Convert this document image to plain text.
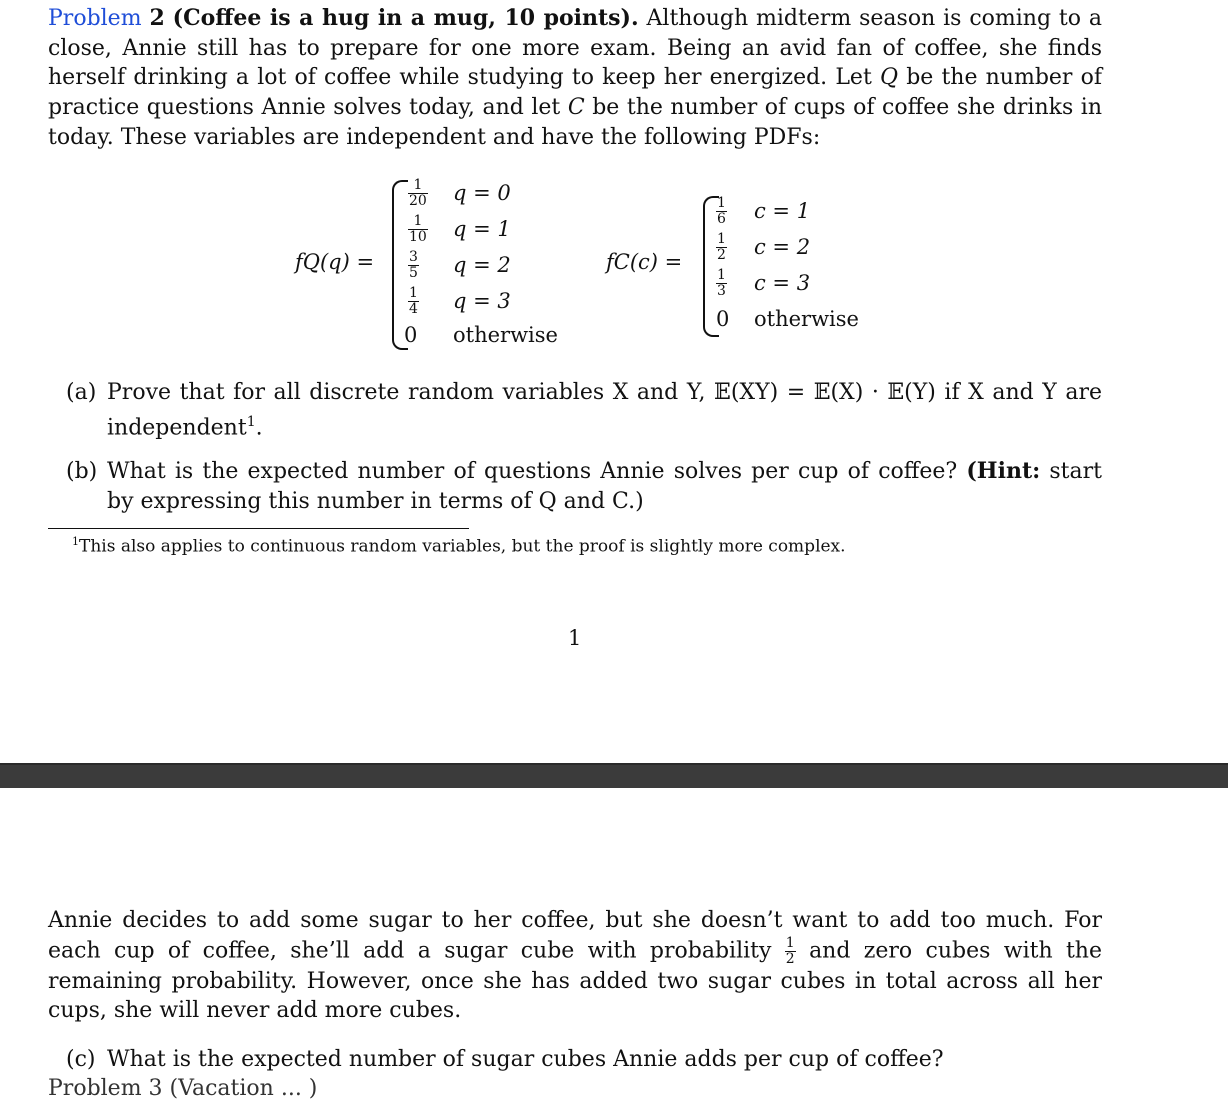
Problem 2 (Coffee is a hug in a mug, 10 points). Although midterm season is coming to a close, Annie still has to prepare for one more exam. Being an avid fan of coffee, she finds herself drinking a lot of coffee while studying to keep her energized. Let Q be the number of practice questions Annie solves today, and let C be the number of cups of coffee she drinks in today. These variables are independent and have the following PDFs:
fQ(q) =
$\frac{1}{20}$ q = 0
$\frac{1}{10}$ q = 1
$\frac{3}{5}$ q = 2
$\frac{1}{4}$ q = 3
0 otherwise
fC(c) =
$\frac{1}{6}$ c = 1
$\frac{1}{2}$ c = 2
$\frac{1}{3}$ c = 3
0 otherwise
(a) Prove that for all discrete random variables X and Y, 𝔼(XY) = 𝔼(X) · 𝔼(Y) if X and Y are independent$^1$.
(b) What is the expected number of questions Annie solves per cup of coffee? (Hint: start by expressing this number in terms of Q and C.)
$^1$This also applies to continuous random variables, but the proof is slightly more complex.
1
Annie decides to add some sugar to her coffee, but she doesn’t want to add too much. For each cup of coffee, she’ll add a sugar cube with probability $\frac{1}{2}$ and zero cubes with the remaining probability. However, once she has added two sugar cubes in total across all her cups, she will never add more cubes.
(c) What is the expected number of sugar cubes Annie adds per cup of coffee?
Problem 3 (Vacation ... )
